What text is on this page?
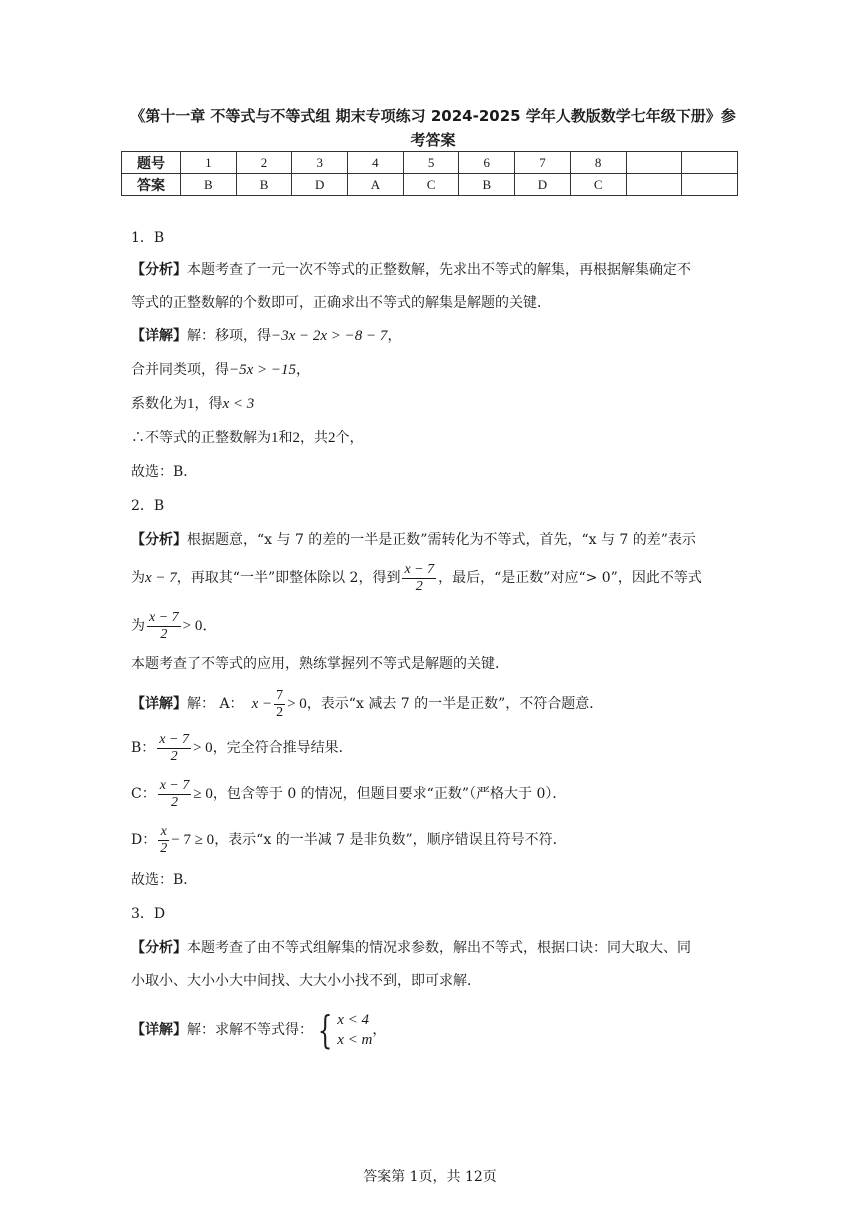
《第十一章 不等式与不等式组 期末专项练习 2024-2025 学年人教版数学七年级下册》参
考答案
题号	1	2	3	4	5	6	7	8		
答案	B	B	D	A	C	B	D	C		
1．B
【分析】本题考查了一元一次不等式的正整数解，先求出不等式的解集，再根据解集确定不
等式的正整数解的个数即可，正确求出不等式的解集是解题的关键．
【详解】解：移项，得−3x − 2x > −8 − 7，
合并同类项，得−5x > −15，
系数化为1，得x < 3
∴不等式的正整数解为1和2，共2个，
故选：B．
2．B
【分析】根据题意，“x 与 7 的差的一半是正数”需转化为不等式，首先，“x 与 7 的差”表示
为x − 7，再取其“一半”即整体除以 2，得到 $\frac{x - 7}{2}$ ，最后，“是正数”对应“> 0”，因此不等式
为 $\frac{x - 7}{2} > 0$．
本题考查了不等式的应用，熟练掌握列不等式是解题的关键．
【详解】解： A： $x - \frac{7}{2} > 0$，表示“x 减去 7 的一半是正数”，不符合题意．
B： $\frac{x - 7}{2} > 0$，完全符合推导结果．
C： $\frac{x - 7}{2} \ge 0$，包含等于 0 的情况，但题目要求“正数”（严格大于 0）．
D： $\frac{x}{2} - 7 \ge 0$，表示“x 的一半减 7 是非负数”，顺序错误且符号不符．
故选：B．
3．D
【分析】本题考查了由不等式组解集的情况求参数，解出不等式，根据口诀：同大取大、同
小取小、大小小大中间找、大大小小找不到，即可求解．
【详解】解：求解不等式得： { x < 4
x < m
，
答案第 1页，共 12页
